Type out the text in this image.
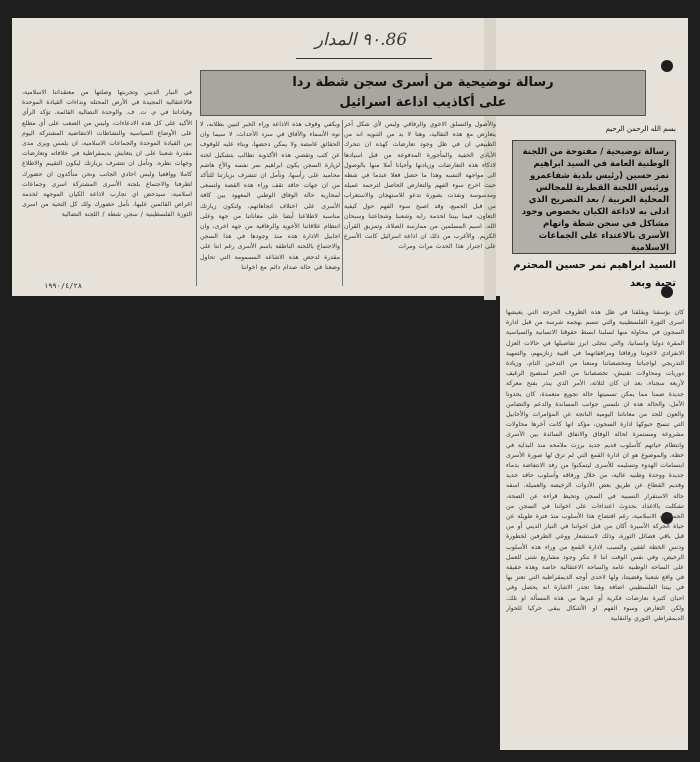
86.٩٠ المدار
رسالة توضيحية من أسرى سجن شطة ردا
على أكاذيب اذاعة اسرائيل
بسم الله الرحمن الرحيم
رسالة توضيحية / مفتوحة من اللجنة الوطنية العامة في السيد ابراهيم نمر حسين (رئيس بلدية شفاعمرو ورئيس اللجنة القطرية للمجالس المحلية العربية / بعد التصريح الذي ادلى به لاذاعة الكيان بخصوص وجود مشاكل في سجن شطة واتهام الأسرى بالاعتداء على الجماعات الاسلامية
السيد ابراهيم نمر حسين المحترم
تحية وبعد
في التيار الديني وتجربتها وصلتها من معتقداتنا الاسلامية، فالاعتقالية المجيدة في الأرض المحتلة ونداءات القيادة الموحدة وقياداتنا في م. ت. ف. والوحدة النضالية القائمة، تؤكد الرأي الأكيد على كل هذه الادعاءات، وليس من الصعب على أي مطلع على الأوضاع السياسية والنشاطات الانتفاضية المشتركة اليوم بين القيادة الموحدة والجماعات الاسلامية، ان يلمس ويرى مدى مقدرة شعبنا على ان يتعايش بديمقراطية في خلافاته وتعارضات وجهات نظره. وتأمل ان تتشرف بزيارتك ليكون التقييم والاطلاع كاملا وواقعيا وليس احادي الجانب ونحن متأكدون ان حضورك لطرفنا والاجتماع بلجنة الأسرى المشتركة اسرى وجماعات اسلامية، سيدحض اي تجارب لاذاعة الكيان الموجهة لخدمة اغراض القائمين عليها، نأمل حضورك ولك كل التحية من اسرى الثورة الفلسطينية / سجن شطة / اللجنة النضالية
ويكفي وقوف هذه الاذاعة وراء الخبر لتبين بطلانه، لا توه الأسماء والأفاق في سرد الأحداث، لا سيما وان الحقائق غامضة ولا يمكن دحضها، وبناء عليه للوقوف عن كثب وتقصي هذه الأكذوبة نطالب بتشكيل لجنة لزيارة السجن يكون ابراهيم نمر نفسه والأخ هاشم محاميد على رأسها، وتأمل ان تتشرف بزيارتنا للتأكد من ان جهات حاقد تقف وراء هذه القصة ولتسعى لمحاربة حالة الوفاق الوطني المعهود بين كافة الأسرى على اختلاف اتجاهاتهم، ولتكون زيارتك مناسبة لاطلاعنا أيضا على معاناتنا من جهة وعلى انتظام علاقاتنا الأخوية والرفاقية من جهة اخرى، وان اجابيل الادارة هذه منذ وجودها في هذا السجن والاجتماع باللجنة الناطقة باسم الأسرى رغم انتا على مقدرة لدحض هذه الاشاعة المسمومة التي تحاول وضعنا في حالة صدام دائم مع اخواننا
والأصول والتسلق الاخوي والرفاقي وليس لأي شكل آخر يتعارض مع هذه التقاليد، وهنا لا بد من التنويه انه من الطبيعي ان في ظل وجود تعارضات كهذه ان تتحرك الأيادي الخفية والمأجورة المدفوعة من قبل اسيادها لاذكاء هذه التعارضات وزيادتها وأحيانا أملا منها بالوصول الى مواجهة التشبه وهذا ما حصل فعلا عندما في شطة حيث اخرج سوء الفهم والتعارض الحاصل لترجمة عميلة ومدسوسة ونفذت بصورة تدعو للاستهجان والاستغراب من قبل الجميع، وقد اصبح سوء الفهم حول كيفية التعاون، فيما بيننا لخدمة راية وشعبنا وشجاعتنا وسبحان الله. اسيم المسلمين من ممارسة الصلاة، وتمزيق القرآن الكريم. والأغرب من ذلك ان اذاعة اسرائيل كانت الأسرع على اجترار هذا الحدث مرات ومرات
كان يؤسفنا ويقلقنا في ظل هذه الظروف الحرجة التي يعيشها اسرى الثورة الفلسطينية والتي تتسم بهجمة شرسة من قبل ادارة السجون في محاولة منها لسلبنا ابسط حقوقنا الانسانية والسياسية المقرة دوليا وانسانيا، والتي تتجلى ابرز تفاصيلها في حالات العزل الانفرادي لاخوتنا ورفاقنا ومرافقاتهما في اقبية زنازينهم، والتمهيد التدريجي لواجباتنا ومخصصاتنا ومنعنا من التدخين التام، وزيادة دوريات ومحاولات تقتيش، تخصصاتنا من الخبز لمنصيح الرغيف لأربعة سجناء، بعد ان كان لثلاثة، الأمر الذي ينذر بفتح معركة جديدة ضمنا مما يمكن تسميتها حالة تجويع متعمدة، كان يحدونا الأمل، والحالة هذه ان نلتمس جوانب المساندة والدعم والتضامن والعون للحد من معاناتنا اليومية الناتجة عن المؤامرات والأحابيل التي تنسج حبوكها ادارة السجون، مؤكد انها كانت آخرها محاولات مشروعة ومستمرة لحالة الوفاق والاتفاق السائدة بين الأسرى وانتظام حياتهم كأسلوب قديم جديد برزت ملامحه منذ البداية في خطة، والموضوع هو ان ادارة القمع التي لم ترق لها صورة الأسرى ابتسامات الهدوء وتسليمه للأسرى ليتمكنوا من رفد الانتفاضة بدماء جديدة ووحدة وطنيه عالية، من خلال ورفاقه وأسلوب حاقد جديد وقديم القطاع عن طريق بعض الأدوات الرخيصة والعميلة، اسفه حالة الاستقرار النسبية في السجن وتحيط قراءه عن الصحة، تشكلت بالاعداد بحدوث اعتداءات على اخواننا في السجن من الجماعات الاسلامية، رغم افتضاح هذا الأسلوب منذ فترة طويلة عن حياة الحركة الأسيرة أكان من قبل اخواننا في التيار الديني أو من قبل باقي فصائل الثورة، وذلك لاستشعار ووعي الطرفين لخطورة ودنس الخطة لقفين والسبب لادارة القمع من وراء هذه الأسلوب الرخيص، وفي نفس الوقت اننا لا ننكر وجود مشاريع شتى للعمل على الساحة الوطنية عامة والساحة الاعتقالية خاصة وهذه حقيقة في واقع شعبنا وقضيتنا، ولها لاحدى أوجه الديمقراطية التي تعتز بها في بيتنا الفلسطيني اضافة وهنا تجدر الاشارة انه يحصل وفي احيان كثيرة تعارضات فكرية أو غيرها من هذه المسألة او تلك، ولكن التعارض وسوء الفهم او الأشكال يبقى حركيا للحوار الديمقراطي الثوري والنقابية
١٩٩٠/٤/٢٨
